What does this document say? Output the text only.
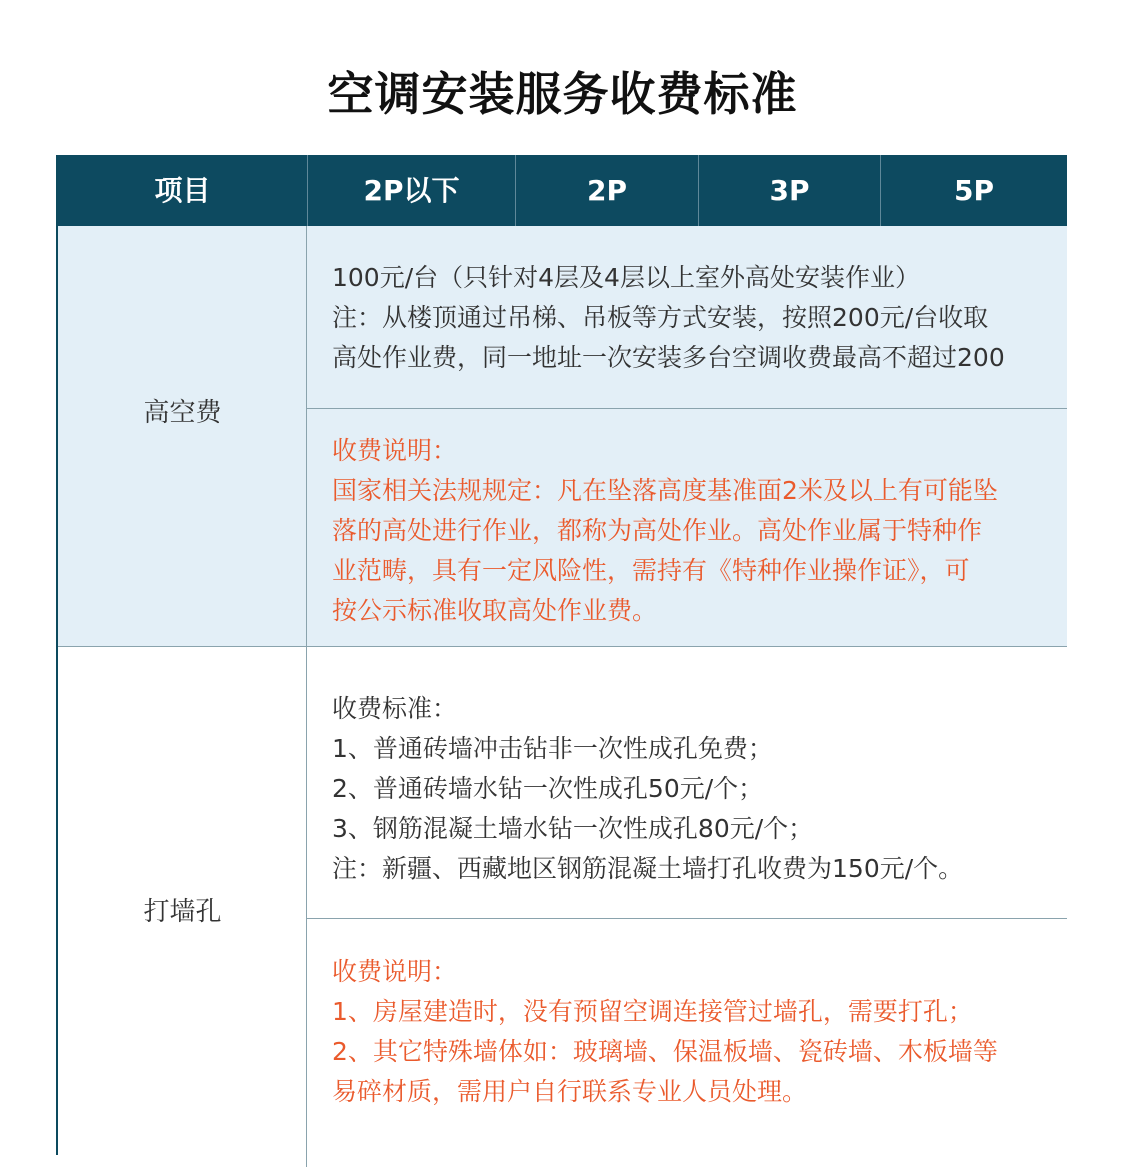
空调安装服务收费标准
项目	2P以下	2P	3P	5P
高空费
100元/台（只针对4层及4层以上室外高处安装作业）
注：从楼顶通过吊梯、吊板等方式安装，按照200元/台收取
高处作业费，同一地址一次安装多台空调收费最高不超过200
收费说明：
国家相关法规规定：凡在坠落高度基准面2米及以上有可能坠
落的高处进行作业，都称为高处作业。高处作业属于特种作
业范畴，具有一定风险性，需持有《特种作业操作证》，可
按公示标准收取高处作业费。
打墙孔
收费标准：
1、普通砖墙冲击钻非一次性成孔免费；
2、普通砖墙水钻一次性成孔50元/个；
3、钢筋混凝土墙水钻一次性成孔80元/个；
注：新疆、西藏地区钢筋混凝土墙打孔收费为150元/个。
收费说明：
1、房屋建造时，没有预留空调连接管过墙孔，需要打孔；
2、其它特殊墙体如：玻璃墙、保温板墙、瓷砖墙、木板墙等
易碎材质，需用户自行联系专业人员处理。
